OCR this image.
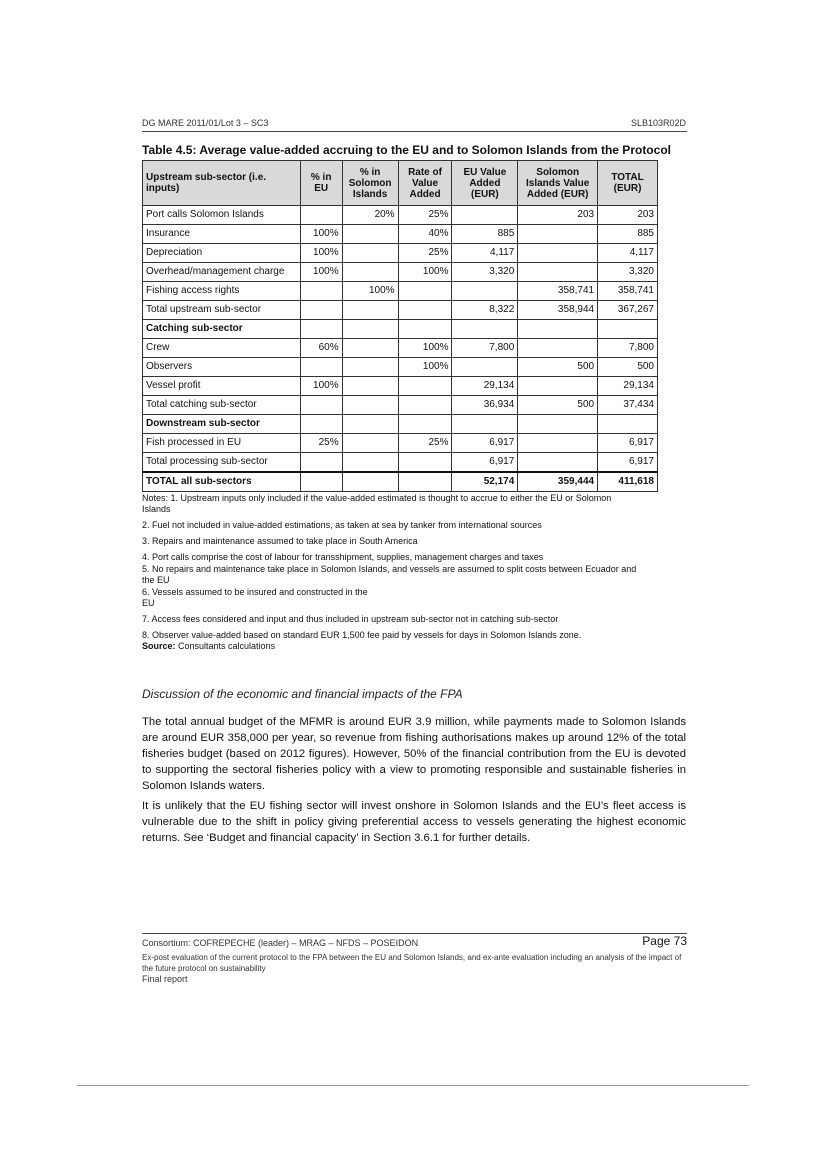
DG MARE 2011/01/Lot 3 – SC3	SLB103R02D
Table 4.5: Average value-added accruing to the EU and to Solomon Islands from the Protocol
Upstream sub-sector (i.e. inputs)	% in EU	% in Solomon Islands	Rate of Value Added	EU Value Added (EUR)	Solomon Islands Value Added (EUR)	TOTAL (EUR)
Port calls Solomon Islands		20%	25%		203	203
Insurance	100%		40%	885		885
Depreciation	100%		25%	4,117		4,117
Overhead/management charge	100%		100%	3,320		3,320
Fishing access rights		100%			358,741	358,741
Total upstream sub-sector				8,322	358,944	367,267
Catching sub-sector						
Crew	60%		100%	7,800		7,800
Observers			100%		500	500
Vessel profit	100%			29,134		29,134
Total catching sub-sector				36,934	500	37,434
Downstream sub-sector						
Fish processed in EU	25%		25%	6,917		6,917
Total processing sub-sector				6,917		6,917
TOTAL all sub-sectors				52,174	359,444	411,618

Notes: 1. Upstream inputs only included if the value-added estimated is thought to accrue to either the EU or Solomon Islands

2. Fuel not included in value-added estimations, as taken at sea by tanker from international sources

3. Repairs and maintenance assumed to take place in South America

4. Port calls comprise the cost of labour for transshipment, supplies, management charges and taxes

5. No repairs and maintenance take place in Solomon Islands, and vessels are assumed to split costs between Ecuador and the EU

6. Vessels assumed to be insured and constructed in the EU

7. Access fees considered and input and thus included in upstream sub-sector not in catching sub-sector

8. Observer value-added based on standard EUR 1,500 fee paid by vessels for days in Solomon Islands zone.

Source: Consultants calculations

Discussion of the economic and financial impacts of the FPA

The total annual budget of the MFMR is around EUR 3.9 million, while payments made to Solomon Islands are around EUR 358,000 per year, so revenue from fishing authorisations makes up around 12% of the total fisheries budget (based on 2012 figures). However, 50% of the financial contribution from the EU is devoted to supporting the sectoral fisheries policy with a view to promoting responsible and sustainable fisheries in Solomon Islands waters.

It is unlikely that the EU fishing sector will invest onshore in Solomon Islands and the EU’s fleet access is vulnerable due to the shift in policy giving preferential access to vessels generating the highest economic returns. See ‘Budget and financial capacity’ in Section 3.6.1 for further details.

Consortium: COFREPECHE (leader) – MRAG – NFDS – POSEIDON	Page 73
Ex-post evaluation of the current protocol to the FPA between the EU and Solomon Islands, and ex-ante evaluation including an analysis of the impact of the future protocol on sustainability
Final report
